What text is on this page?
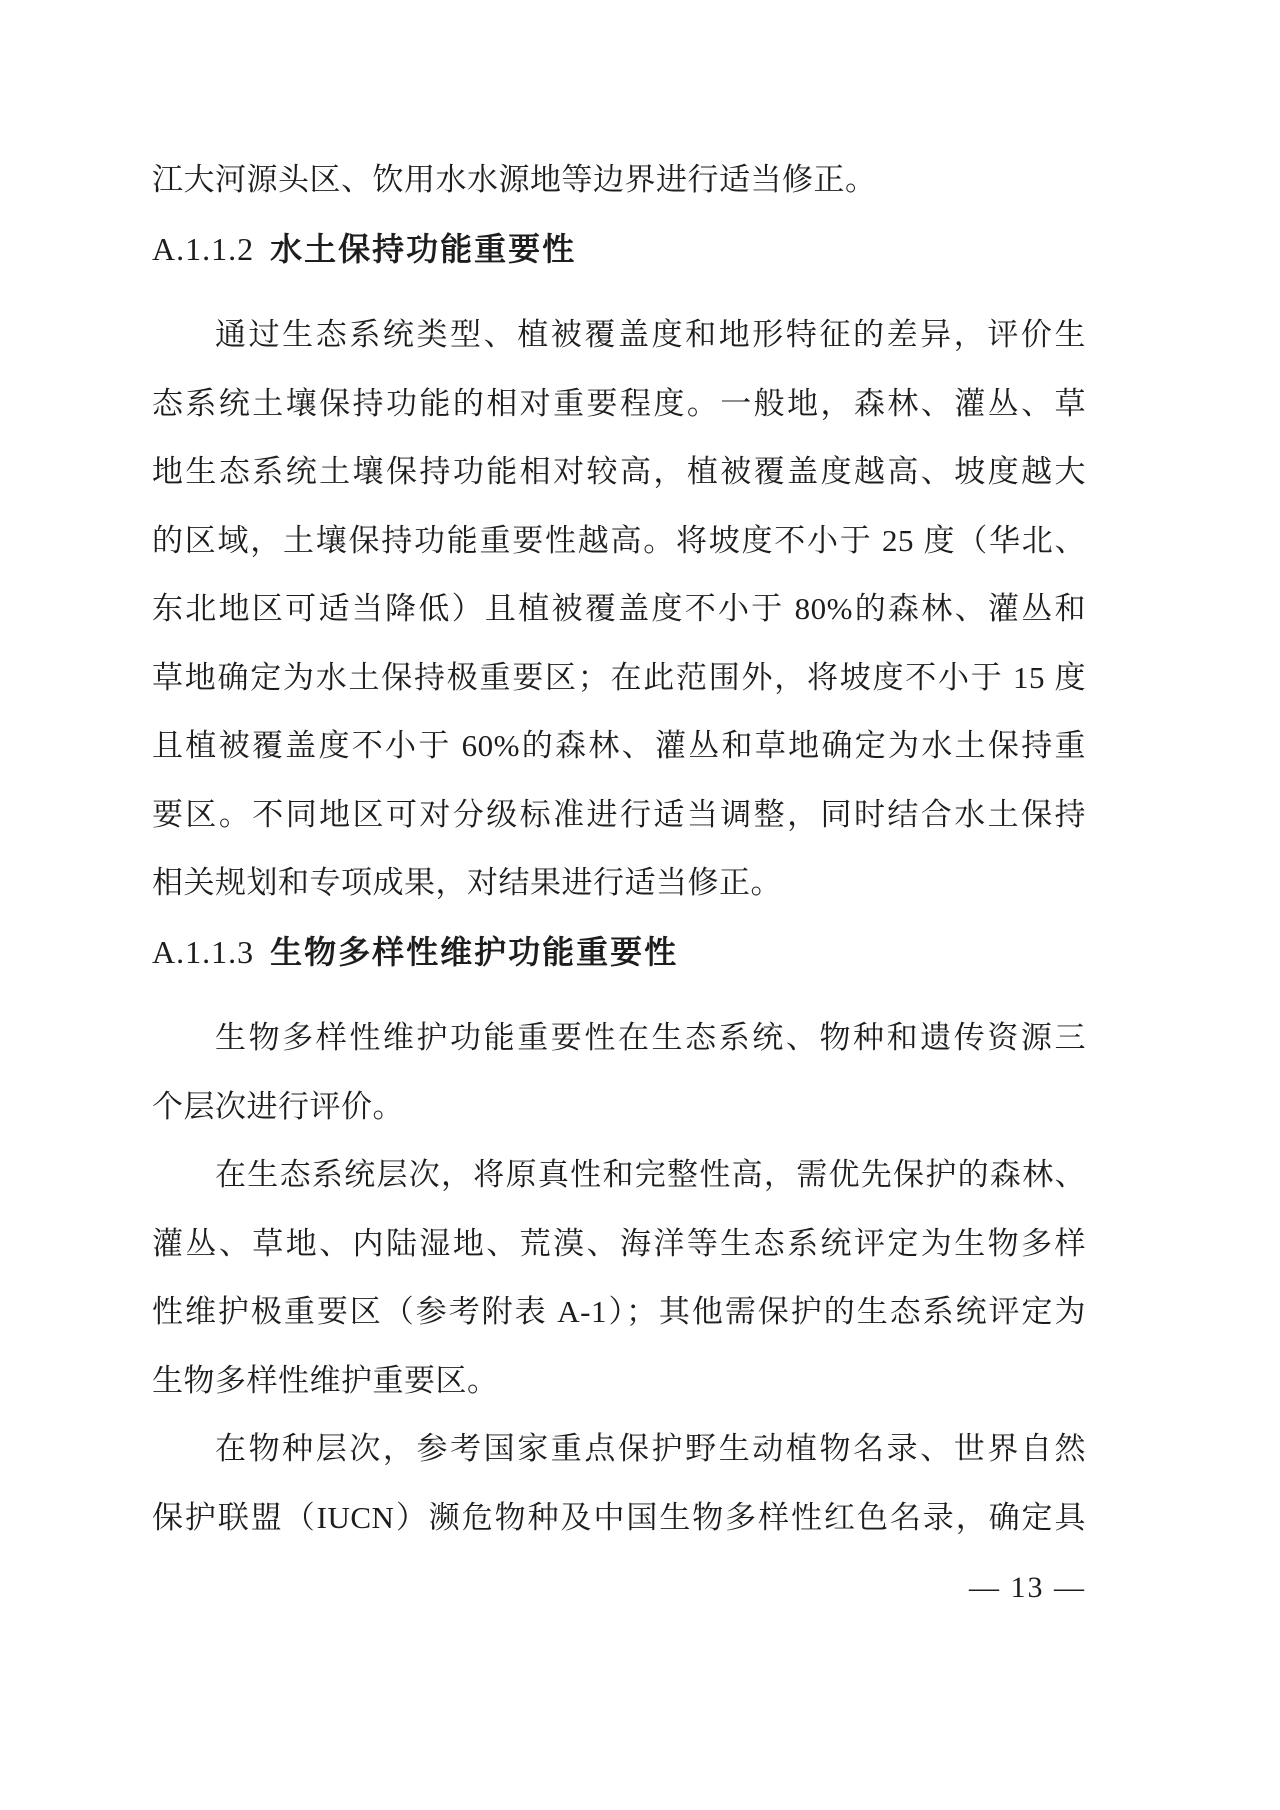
江大河源头区、饮用水水源地等边界进行适当修正。
A.1.1.2 水土保持功能重要性
通过生态系统类型、植被覆盖度和地形特征的差异，评价生
态系统土壤保持功能的相对重要程度。一般地，森林、灌丛、草
地生态系统土壤保持功能相对较高，植被覆盖度越高、坡度越大
的区域，土壤保持功能重要性越高。将坡度不小于 25 度（华北、
东北地区可适当降低）且植被覆盖度不小于 80%的森林、灌丛和
草地确定为水土保持极重要区；在此范围外，将坡度不小于 15 度
且植被覆盖度不小于 60%的森林、灌丛和草地确定为水土保持重
要区。不同地区可对分级标准进行适当调整，同时结合水土保持
相关规划和专项成果，对结果进行适当修正。
A.1.1.3 生物多样性维护功能重要性
生物多样性维护功能重要性在生态系统、物种和遗传资源三
个层次进行评价。
在生态系统层次，将原真性和完整性高，需优先保护的森林、
灌丛、草地、内陆湿地、荒漠、海洋等生态系统评定为生物多样
性维护极重要区（参考附表 A-1）；其他需保护的生态系统评定为
生物多样性维护重要区。
在物种层次，参考国家重点保护野生动植物名录、世界自然
保护联盟（IUCN）濒危物种及中国生物多样性红色名录，确定具
— 13 —
